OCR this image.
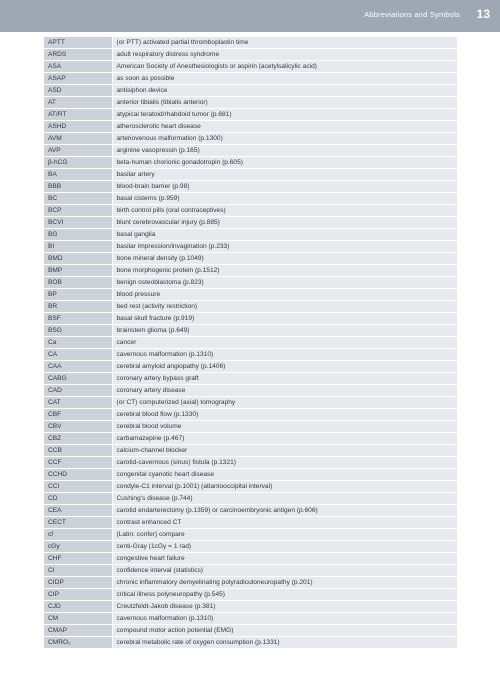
Abbreviations and Symbols 13
APTT	(or PTT) activated partial thromboplastin time
ARDS	adult respiratory distress syndrome
ASA	American Society of Anesthesiologists or aspirin (acetylsalicylic acid)
ASAP	as soon as possible
ASD	antisiphon device
AT	anterior tibialis (tibialis anterior)
AT/RT	atypical teratoid/rhabdoid tumor (p.681)
ASHD	atherosclerotic heart disease
AVM	arteriovenous malformation (p.1300)
AVP	arginine vasopressin (p.165)
β-hCG	beta-human chorionic gonadotropin (p.605)
BA	basilar artery
BBB	blood-brain barrier (p.98)
BC	basal cisterns (p.959)
BCP	birth control pills (oral contraceptives)
BCVI	blunt cerebrovascular injury (p.885)
BG	basal ganglia
BI	basilar impression/invagination (p.233)
BMD	bone mineral density (p.1049)
BMP	bone morphogenic protein (p.1512)
BOB	benign osteoblastoma (p.823)
BP	blood pressure
BR	bed rest (activity restriction)
BSF	basal skull fracture (p.919)
BSG	brainstem glioma (p.649)
Ca	cancer
CA	cavernous malformation (p.1310)
CAA	cerebral amyloid angiopathy (p.1406)
CABG	coronary artery bypass graft
CAD	coronary artery disease
CAT	(or CT) computerized (axial) tomography
CBF	cerebral blood flow (p.1330)
CBV	cerebral blood volume
CBZ	carbamazepine (p.467)
CCB	calcium-channel blocker
CCF	carotid-cavernous (sinus) fistula (p.1321)
CCHD	congenital cyanotic heart disease
CCI	condyle-C1 interval (p.1001) (atlantooccipital interval)
CD	Cushing's disease (p.744)
CEA	carotid endarterectomy (p.1359) or carcinoembryonic antigen (p.606)
CECT	contrast enhanced CT
cf	(Latin: confer) compare
cGy	centi-Gray (1cGy = 1 rad)
CHF	congestive heart failure
CI	confidence interval (statistics)
CIDP	chronic inflammatory demyelinating polyradiculoneuropathy (p.201)
CIP	critical illness polyneuropathy (p.545)
CJD	Creutzfeldt-Jakob disease (p.381)
CM	cavernous malformation (p.1310)
CMAP	compound motor action potential (EMG)
CMRO₂	cerebral metabolic rate of oxygen consumption (p.1331)
